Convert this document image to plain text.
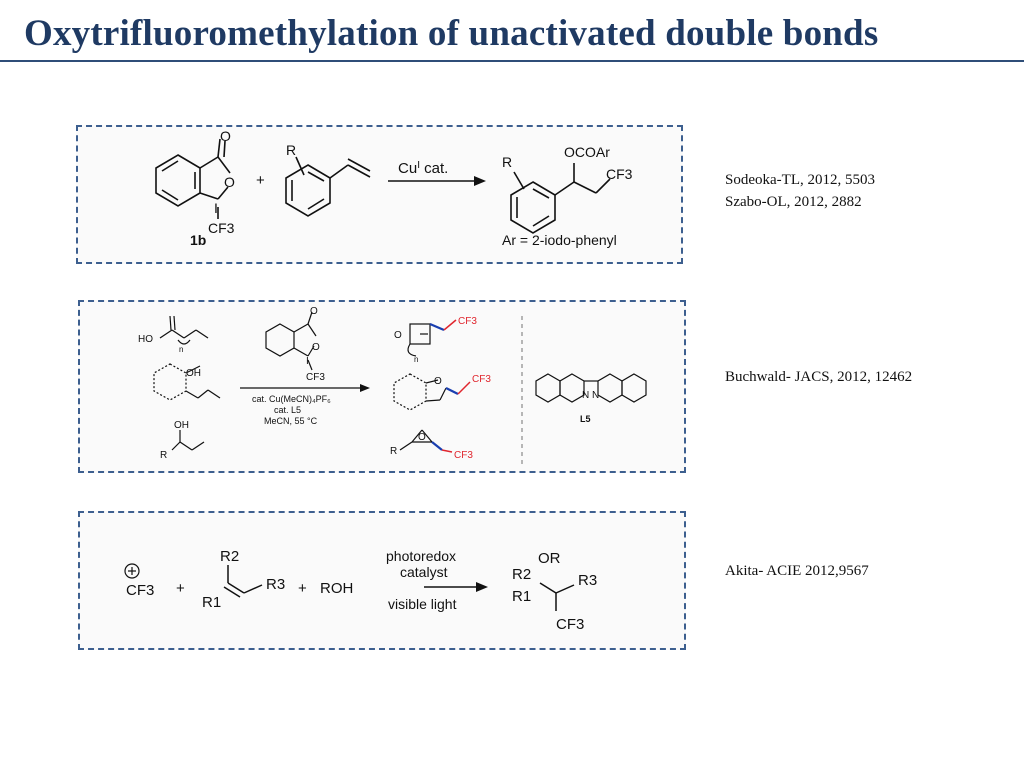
Oxytrifluoromethylation of unactivated double bonds
O
O
I
CF3
1b
+
R
$Cu^I$ cat.	R
OCOAr
CF3
Ar = 2-iodo-phenyl
Sodeoka-TL, 2012, 5503
Szabo-OL, 2012, 2882
HO
n
OH
OH
R
O
O
I
CF3
cat. Cu(MeCN)₄PF₆
cat. L5
MeCN, 55 °C
O
n
CF3
O	CF3
R
O
CF3
N N
L5
Buchwald- JACS, 2012, 12462
CF3 +
R2
R1
R3 + ROH
photoredox
catalyst
visible light
OR
R2
R1
R3
CF3
Akita- ACIE 2012,9567
